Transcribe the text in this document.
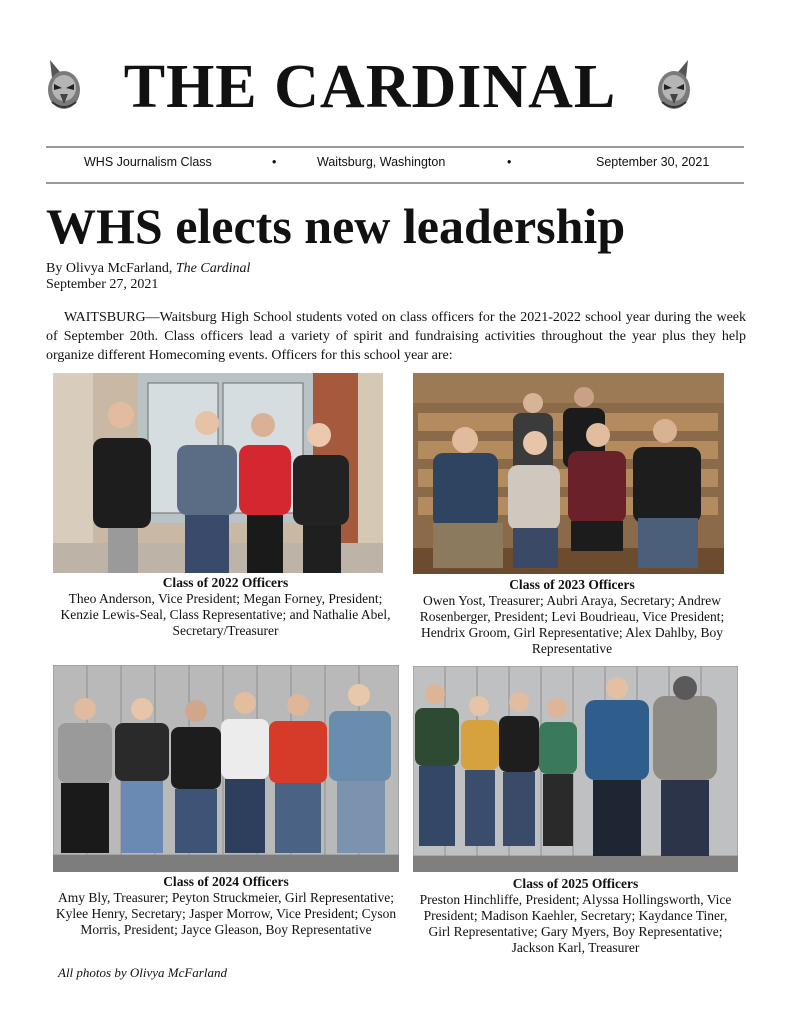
THE CARDINAL
WHS Journalism Class	•	Waitsburg, Washington	•	September 30, 2021
WHS elects new leadership
By Olivya McFarland, The Cardinal
September 27, 2021

WAITSBURG—Waitsburg High School students voted on class officers for the 2021-2022 school year during the week of September 20th. Class officers lead a variety of spirit and fundraising activities throughout the year plus they help organize different Homecoming events. Officers for this school year are:

Class of 2022 Officers
Theo Anderson, Vice President; Megan Forney, President; Kenzie Lewis-Seal, Class Representative; and Nathalie Abel, Secretary/Treasurer
Class of 2023 Officers
Owen Yost, Treasurer; Aubri Araya, Secretary; Andrew Rosenberger, President; Levi Boudrieau, Vice President; Hendrix Groom, Girl Representative; Alex Dahlby, Boy Representative
Class of 2024 Officers
Amy Bly, Treasurer; Peyton Struckmeier, Girl Representative; Kylee Henry, Secretary; Jasper Morrow, Vice President; Cyson Morris, President; Jayce Gleason, Boy Representative
Class of 2025 Officers
Preston Hinchliffe, President; Alyssa Hollingsworth, Vice President; Madison Kaehler, Secretary; Kaydance Tiner, Girl Representative; Gary Myers, Boy Representative; Jackson Karl, Treasurer
All photos by Olivya McFarland
